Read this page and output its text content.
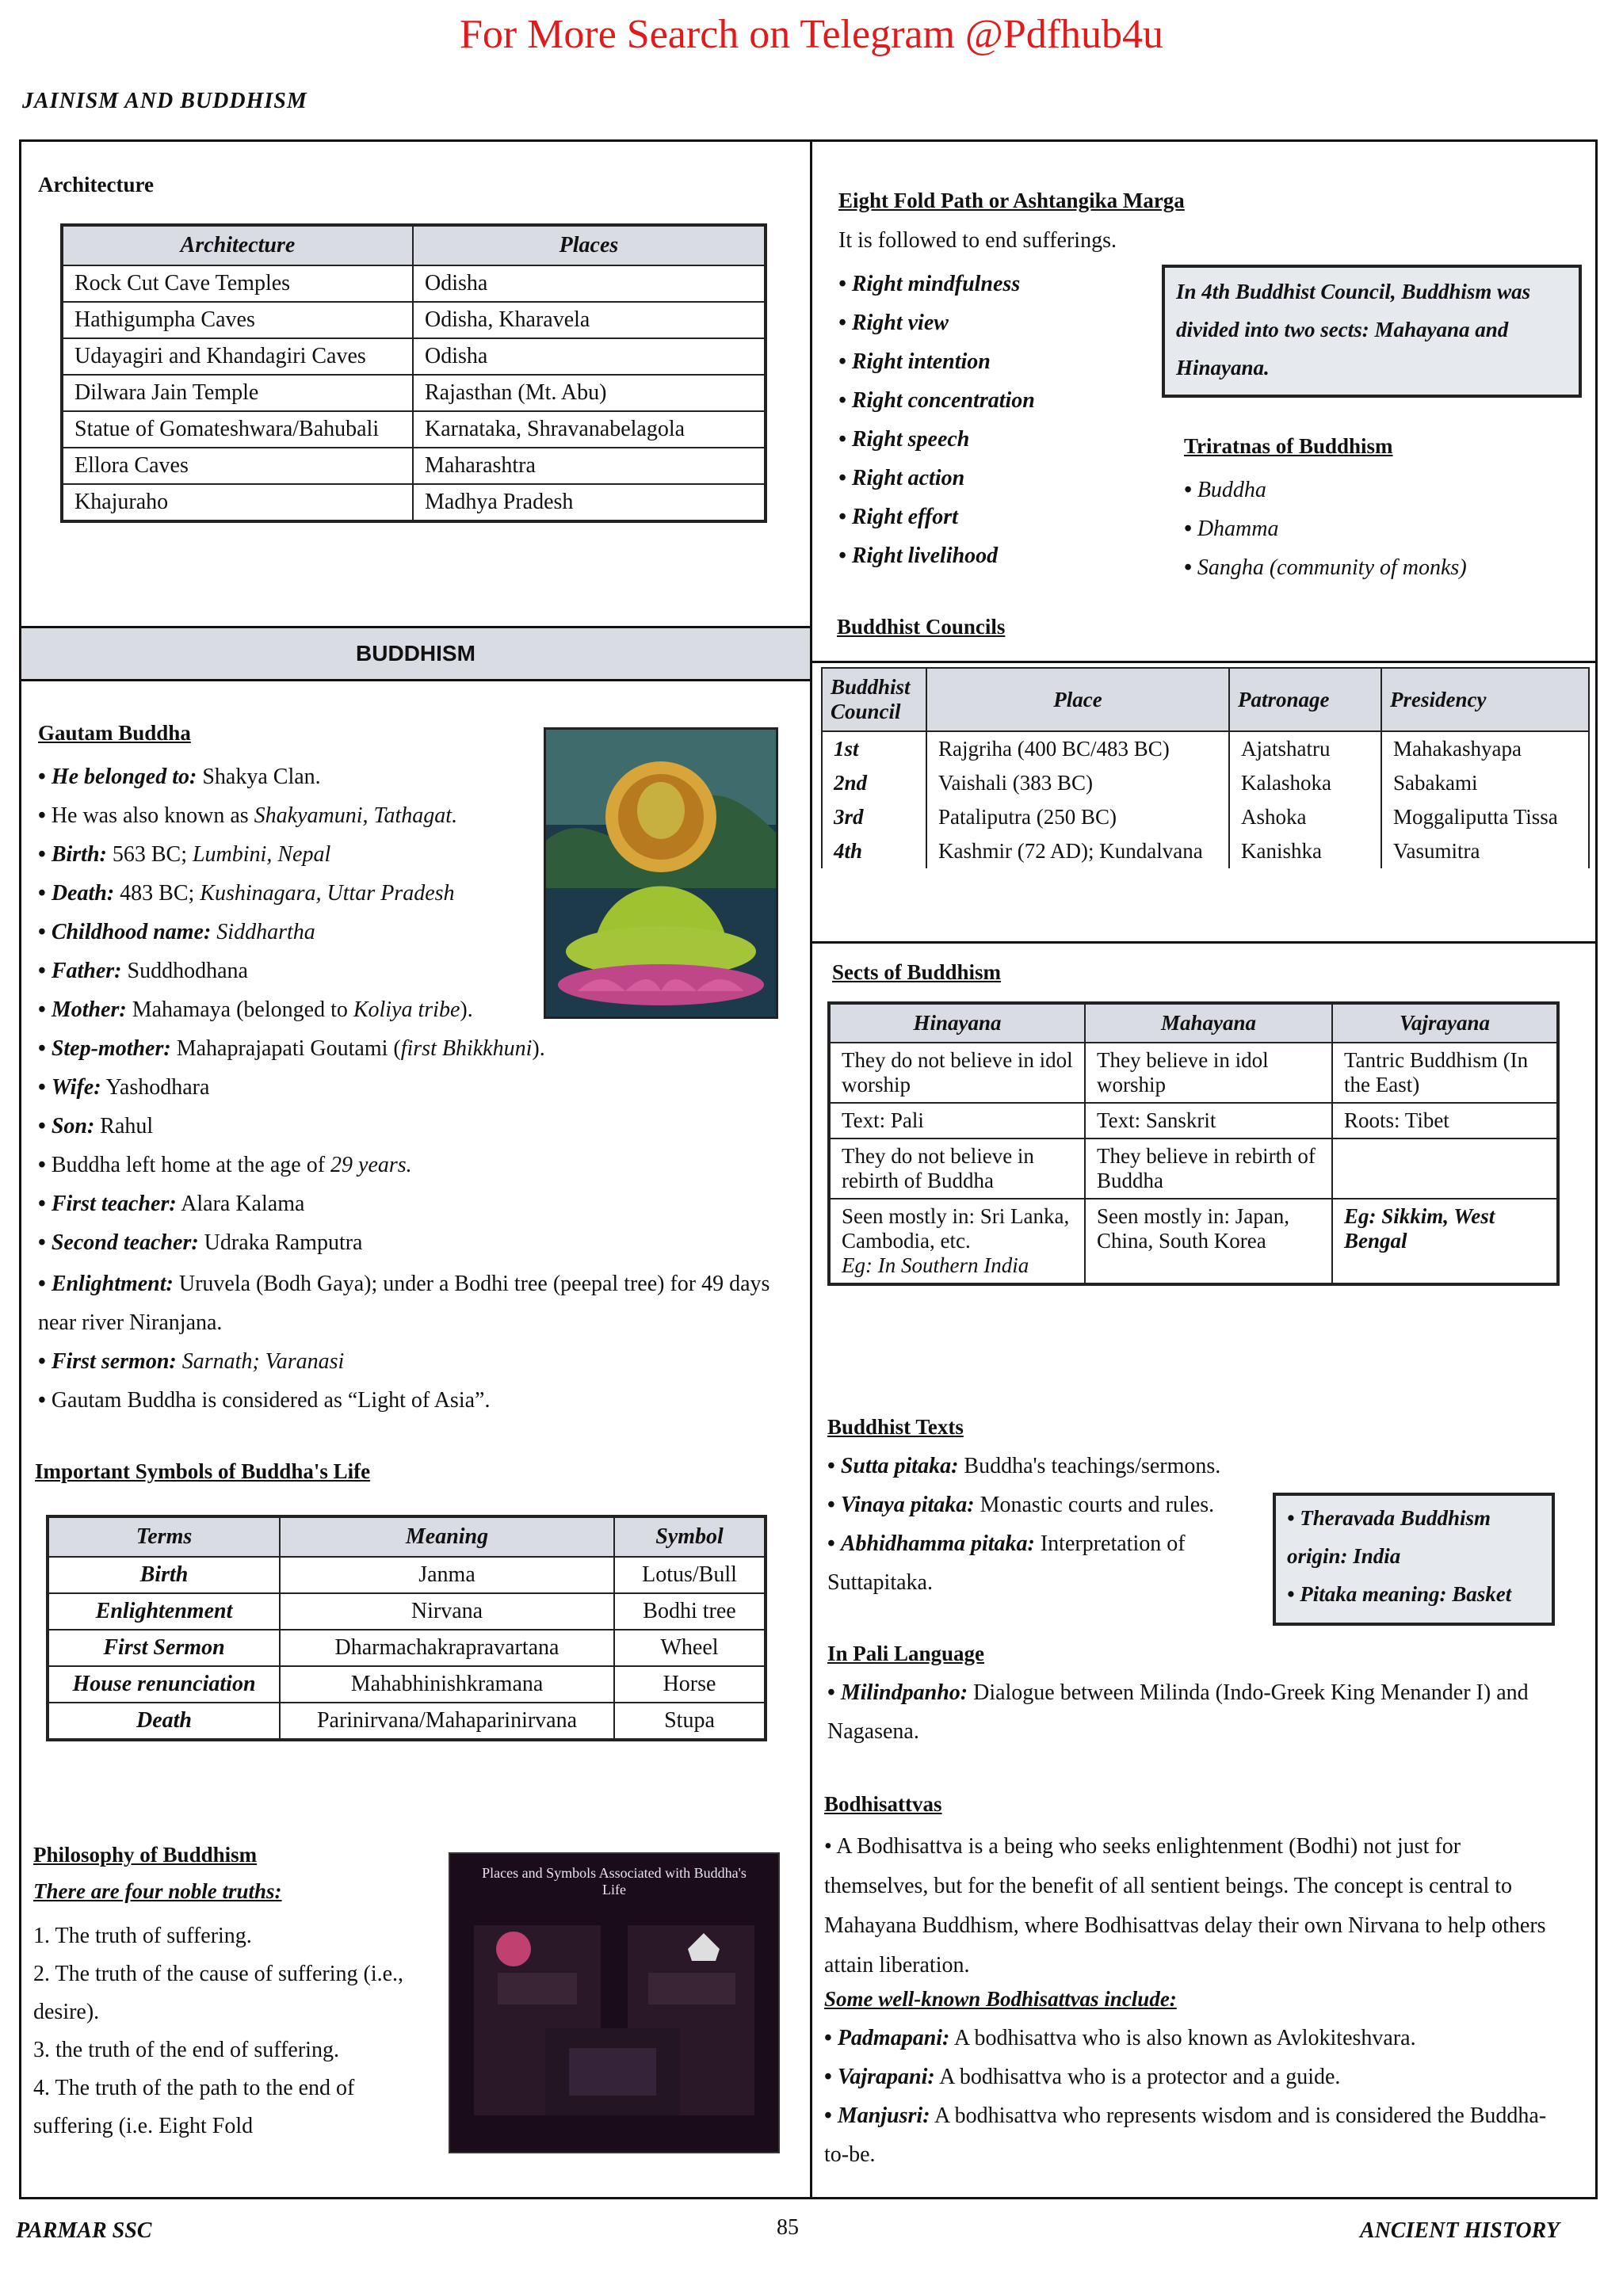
For More Search on Telegram @Pdfhub4u
JAINISM AND BUDDHISM
Architecture
Architecture	Places
Rock Cut Cave Temples	Odisha
Hathigumpha Caves	Odisha, Kharavela
Udayagiri and Khandagiri Caves	Odisha
Dilwara Jain Temple	Rajasthan (Mt. Abu)
Statue of Gomateshwara/Bahubali	Karnataka, Shravanabelagola
Ellora Caves	Maharashtra
Khajuraho	Madhya Pradesh
BUDDHISM
Gautam Buddha
• He belonged to: Shakya Clan.
• He was also known as Shakyamuni, Tathagat.
• Birth: 563 BC; Lumbini, Nepal
• Death: 483 BC; Kushinagara, Uttar Pradesh
• Childhood name: Siddhartha
• Father: Suddhodhana
• Mother: Mahamaya (belonged to Koliya tribe).
• Step-mother: Mahaprajapati Goutami (first Bhikkhuni).
• Wife: Yashodhara
• Son: Rahul
• Buddha left home at the age of 29 years.
• First teacher: Alara Kalama
• Second teacher: Udraka Ramputra
• Enlightment: Uruvela (Bodh Gaya); under a Bodhi tree (peepal tree) for 49 days near river Niranjana.
• First sermon: Sarnath; Varanasi
• Gautam Buddha is considered as “Light of Asia”.
Important Symbols of Buddha's Life
Terms	Meaning	Symbol
Birth	Janma	Lotus/Bull
Enlightenment	Nirvana	Bodhi tree
First Sermon	Dharmachakrapravartana	Wheel
House renunciation	Mahabhinishkramana	Horse
Death	Parinirvana/Mahaparinirvana	Stupa
Philosophy of Buddhism
There are four noble truths:
1. The truth of suffering.
2. The truth of the cause of suffering (i.e., desire).
3. the truth of the end of suffering.
4. The truth of the path to the end of suffering (i.e. Eight Fold
Places and Symbols Associated with Buddha's Life
Eight Fold Path or Ashtangika Marga
It is followed to end sufferings.
• Right mindfulness
• Right view
• Right intention
• Right concentration
• Right speech
• Right action
• Right effort
• Right livelihood
In 4th Buddhist Council, Buddhism was divided into two sects: Mahayana and Hinayana.
Triratnas of Buddhism
• Buddha
• Dhamma
• Sangha (community of monks)
Buddhist Councils
Buddhist Council	Place	Patronage	Presidency
1st	Rajgriha (400 BC/483 BC)	Ajatshatru	Mahakashyapa
2nd	Vaishali (383 BC)	Kalashoka	Sabakami
3rd	Pataliputra (250 BC)	Ashoka	Moggaliputta Tissa
4th	Kashmir (72 AD); Kundalvana	Kanishka	Vasumitra
Sects of Buddhism
Hinayana	Mahayana	Vajrayana
They do not believe in idol worship	They believe in idol worship	Tantric Buddhism (In the East)
Text: Pali	Text: Sanskrit	Roots: Tibet
They do not believe in rebirth of Buddha	They believe in rebirth of Buddha	
Seen mostly in: Sri Lanka, Cambodia, etc.
Eg: In Southern India	Seen mostly in: Japan, China, South Korea	Eg: Sikkim, West Bengal
Buddhist Texts
• Sutta pitaka: Buddha's teachings/sermons.
• Vinaya pitaka: Monastic courts and rules.
• Abhidhamma pitaka: Interpretation of Suttapitaka.
• Theravada Buddhism origin: India
• Pitaka meaning: Basket
In Pali Language
• Milindpanho: Dialogue between Milinda (Indo-Greek King Menander I) and Nagasena.
Bodhisattvas
• A Bodhisattva is a being who seeks enlightenment (Bodhi) not just for themselves, but for the benefit of all sentient beings. The concept is central to Mahayana Buddhism, where Bodhisattvas delay their own Nirvana to help others attain liberation.
Some well-known Bodhisattvas include:
• Padmapani: A bodhisattva who is also known as Avlokiteshvara.
• Vajrapani: A bodhisattva who is a protector and a guide.
• Manjusri: A bodhisattva who represents wisdom and is considered the Buddha-to-be.
PARMAR SSC	85	ANCIENT HISTORY
